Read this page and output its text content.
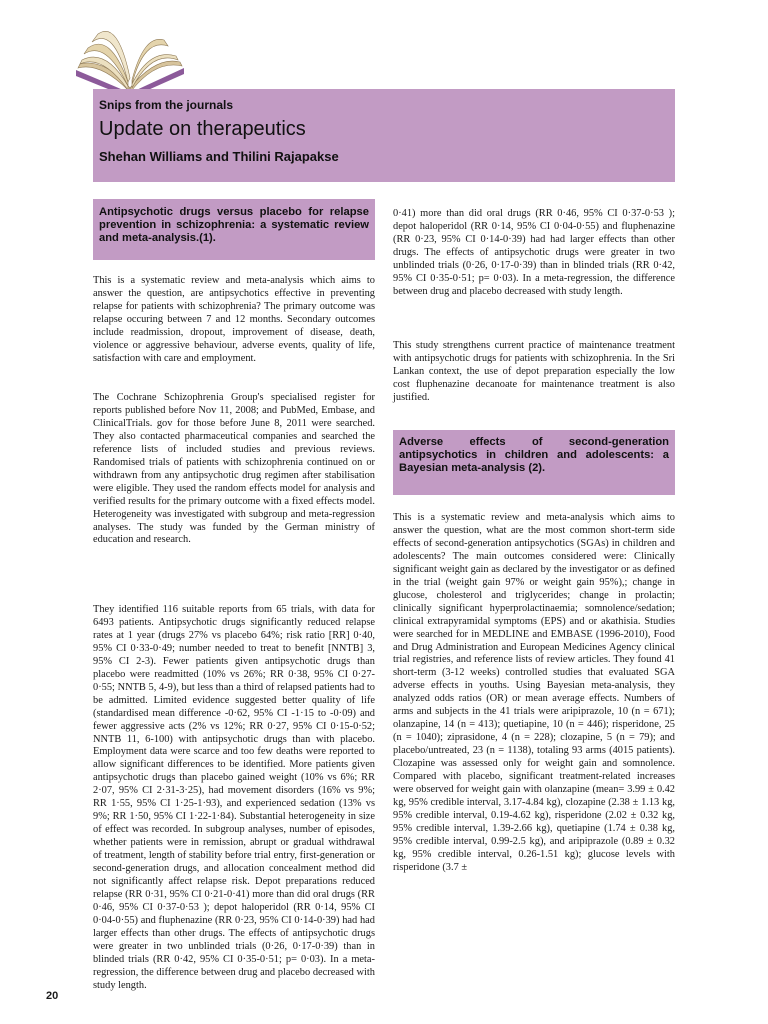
Snips from the journals
Update on therapeutics
Shehan Williams and Thilini Rajapakse
Antipsychotic drugs versus placebo for relapse prevention in schizophrenia: a systematic review and meta-analysis.(1).

This is a systematic review and meta-analysis which aims to answer the question, are antipsychotics effective in preventing relapse for patients with schizophrenia? The primary outcome was relapse occuring between 7 and 12 months. Secondary outcomes include readmission, dropout, improvement of disease, death, violence or aggressive behaviour, adverse events, quality of life, satisfaction with care and employment.

The Cochrane Schizophrenia Group's specialised register for reports published before Nov 11, 2008; and PubMed, Embase, and ClinicalTrials. gov for those before June 8, 2011 were searched. They also contacted pharmaceutical companies and searched the reference lists of included studies and previous reviews. Randomised trials of patients with schizophrenia continued on or withdrawn from any antipsychotic drug regimen after stabilisation were eligible. They used the random effects model for analysis and verified results for the primary outcome with a fixed effects model. Heterogeneity was investigated with subgroup and meta-regression analyses. The study was funded by the German ministry of education and research.

They identified 116 suitable reports from 65 trials, with data for 6493 patients. Antipsychotic drugs significantly reduced relapse rates at 1 year (drugs 27% vs placebo 64%; risk ratio [RR] 0·40, 95% CI 0·33-0·49; number needed to treat to benefit [NNTB] 3, 95% CI 2-3). Fewer patients given antipsychotic drugs than placebo were readmitted (10% vs 26%; RR 0·38, 95% CI 0·27-0·55; NNTB 5, 4-9), but less than a third of relapsed patients had to be admitted. Limited evidence suggested better quality of life (standardised mean difference -0·62, 95% CI -1·15 to -0·09) and fewer aggressive acts (2% vs 12%; RR 0·27, 95% CI 0·15-0·52; NNTB 11, 6-100) with antipsychotic drugs than with placebo. Employment data were scarce and too few deaths were reported to allow significant differences to be identified. More patients given antipsychotic drugs than placebo gained weight (10% vs 6%; RR 2·07, 95% CI 2·31-3·25), had movement disorders (16% vs 9%; RR 1·55, 95% CI 1·25-1·93), and experienced sedation (13% vs 9%; RR 1·50, 95% CI 1·22-1·84). Substantial heterogeneity in size of effect was recorded. In subgroup analyses, number of episodes, whether patients were in remission, abrupt or gradual withdrawal of treatment, length of stability before trial entry, first-generation or second-generation drugs, and allocation concealment method did not significantly affect relapse risk. Depot preparations reduced relapse (RR 0·31, 95% CI 0·21-0·41) more than did oral drugs (RR 0·46, 95% CI 0·37-0·53 ); depot haloperidol (RR 0·14, 95% CI 0·04-0·55) and fluphenazine (RR 0·23, 95% CI 0·14-0·39) had had larger effects than other drugs. The effects of antipsychotic drugs were greater in two unblinded trials (0·26, 0·17-0·39) than in blinded trials (RR 0·42, 95% CI 0·35-0·51; p= 0·03). In a meta-regression, the difference between drug and placebo decreased with study length.

0·41) more than did oral drugs (RR 0·46, 95% CI 0·37-0·53 ); depot haloperidol (RR 0·14, 95% CI 0·04-0·55) and fluphenazine (RR 0·23, 95% CI 0·14-0·39) had had larger effects than other drugs. The effects of antipsychotic drugs were greater in two unblinded trials (0·26, 0·17-0·39) than in blinded trials (RR 0·42, 95% CI 0·35-0·51; p= 0·03). In a meta-regression, the difference between drug and placebo decreased with study length.

This study strengthens current practice of maintenance treatment with antipsychotic drugs for patients with schizophrenia. In the Sri Lankan context, the use of depot preparation especially the low cost fluphenazine decanoate for maintenance treatment is also justified.

Adverse effects of second-generation antipsychotics in children and adolescents: a Bayesian meta-analysis (2).

This is a systematic review and meta-analysis which aims to answer the question, what are the most common short-term side effects of second-generation antipsychotics (SGAs) in children and adolescents? The main outcomes considered were: Clinically significant weight gain as declared by the investigator or as defined in the trial (weight gain 97% or weight gain 95%),; change in glucose, cholesterol and triglycerides; change in prolactin; clinically significant hyperprolactinaemia; somnolence/sedation; clinical extrapyramidal symptoms (EPS) and or akathisia. Studies were searched for in MEDLINE and EMBASE (1996-2010), Food and Drug Administration and European Medicines Agency clinical trial registries, and reference lists of review articles. They found 41 short-term (3-12 weeks) controlled studies that evaluated SGA adverse effects in youths. Using Bayesian meta-analysis, they analyzed odds ratios (OR) or mean average effects. Numbers of arms and subjects in the 41 trials were aripiprazole, 10 (n = 671); olanzapine, 14 (n = 413); quetiapine, 10 (n = 446); risperidone, 25 (n = 1040); ziprasidone, 4 (n = 228); clozapine, 5 (n = 79); and placebo/untreated, 23 (n = 1138), totaling 93 arms (4015 patients). Clozapine was assessed only for weight gain and somnolence. Compared with placebo, significant treatment-related increases were observed for weight gain with olanzapine (mean= 3.99 ± 0.42 kg, 95% credible interval, 3.17-4.84 kg), clozapine (2.38 ± 1.13 kg, 95% credible interval, 0.19-4.62 kg), risperidone (2.02 ± 0.32 kg, 95% credible interval, 1.39-2.66 kg), quetiapine (1.74 ± 0.38 kg, 95% credible interval, 0.99-2.5 kg), and aripiprazole (0.89 ± 0.32 kg, 95% credible interval, 0.26-1.51 kg); glucose levels with risperidone (3.7 ±

20
